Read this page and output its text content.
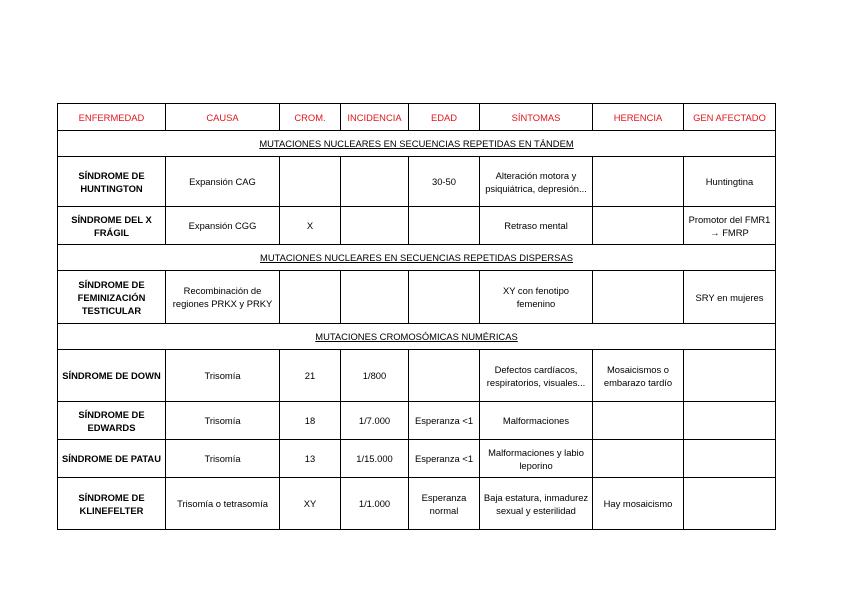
ENFERMEDAD	CAUSA	CROM.	INCIDENCIA	EDAD	SÍNTOMAS	HERENCIA	GEN AFECTADO
MUTACIONES NUCLEARES EN SECUENCIAS REPETIDAS EN TÁNDEM							
SÍNDROME DE HUNTINGTON	Expansión CAG			30-50	Alteración motora y psiquiátrica, depresión...		Huntingtina
SÍNDROME DEL X FRÁGIL	Expansión CGG	X			Retraso mental		Promotor del FMR1 → FMRP
MUTACIONES NUCLEARES EN SECUENCIAS REPETIDAS DISPERSAS							
SÍNDROME DE FEMINIZACIÓN TESTICULAR	Recombinación de regiones PRKX y PRKY				XY con fenotipo femenino		SRY en mujeres
MUTACIONES CROMOSÓMICAS NUMÉRICAS							
SÍNDROME DE DOWN	Trisomía	21	1/800		Defectos cardíacos, respiratorios, visuales...	Mosaicismos o embarazo tardío	
SÍNDROME DE EDWARDS	Trisomía	18	1/7.000	Esperanza <1	Malformaciones		
SÍNDROME DE PATAU	Trisomía	13	1/15.000	Esperanza <1	Malformaciones y labio leporino		
SÍNDROME DE KLINEFELTER	Trisomía o tetrasomía	XY	1/1.000	Esperanza normal	Baja estatura, inmadurez sexual y esterilidad	Hay mosaicismo	
